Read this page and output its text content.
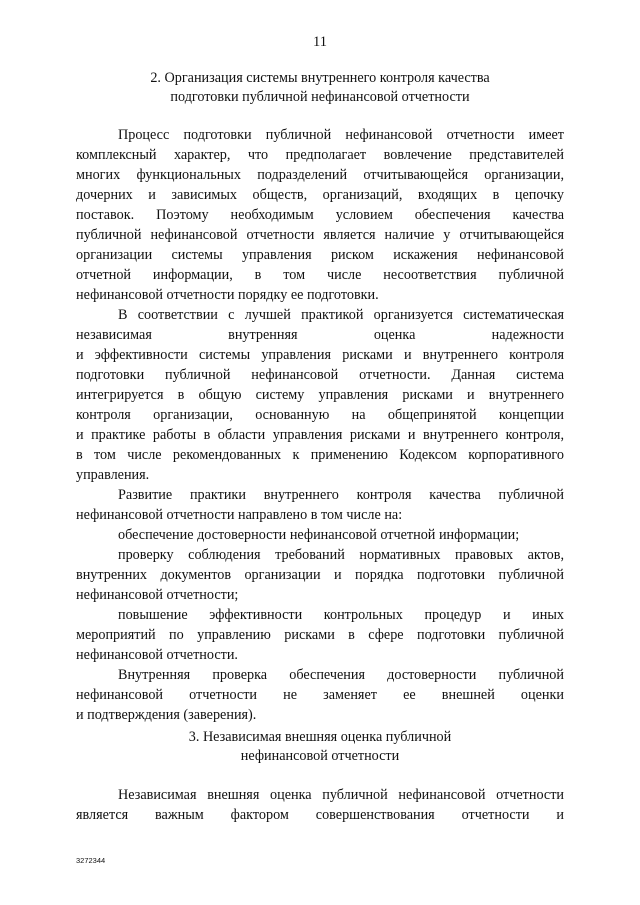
11
2. Организация системы внутреннего контроля качества
подготовки публичной нефинансовой отчетности
Процесс подготовки публичной нефинансовой отчетности имеет
комплексный характер, что предполагает вовлечение представителей
многих функциональных подразделений отчитывающейся организации,
дочерних и зависимых обществ, организаций, входящих в цепочку
поставок. Поэтому необходимым условием обеспечения качества
публичной нефинансовой отчетности является наличие у отчитывающейся
организации системы управления риском искажения нефинансовой
отчетной информации, в том числе несоответствия публичной
нефинансовой отчетности порядку ее подготовки.
В соответствии с лучшей практикой организуется систематическая
независимая внутренняя оценка надежности
и эффективности системы управления рисками и внутреннего контроля
подготовки публичной нефинансовой отчетности. Данная система
интегрируется в общую систему управления рисками и внутреннего
контроля организации, основанную на общепринятой концепции
и практике работы в области управления рисками и внутреннего контроля,
в том числе рекомендованных к применению Кодексом корпоративного
управления.
Развитие практики внутреннего контроля качества публичной
нефинансовой отчетности направлено в том числе на:
обеспечение достоверности нефинансовой отчетной информации;
проверку соблюдения требований нормативных правовых актов,
внутренних документов организации и порядка подготовки публичной
нефинансовой отчетности;
повышение эффективности контрольных процедур и иных
мероприятий по управлению рисками в сфере подготовки публичной
нефинансовой отчетности.
Внутренняя проверка обеспечения достоверности публичной
нефинансовой отчетности не заменяет ее внешней оценки
и подтверждения (заверения).
3. Независимая внешняя оценка публичной
нефинансовой отчетности
Независимая внешняя оценка публичной нефинансовой отчетности
является важным фактором совершенствования отчетности и
3272344
